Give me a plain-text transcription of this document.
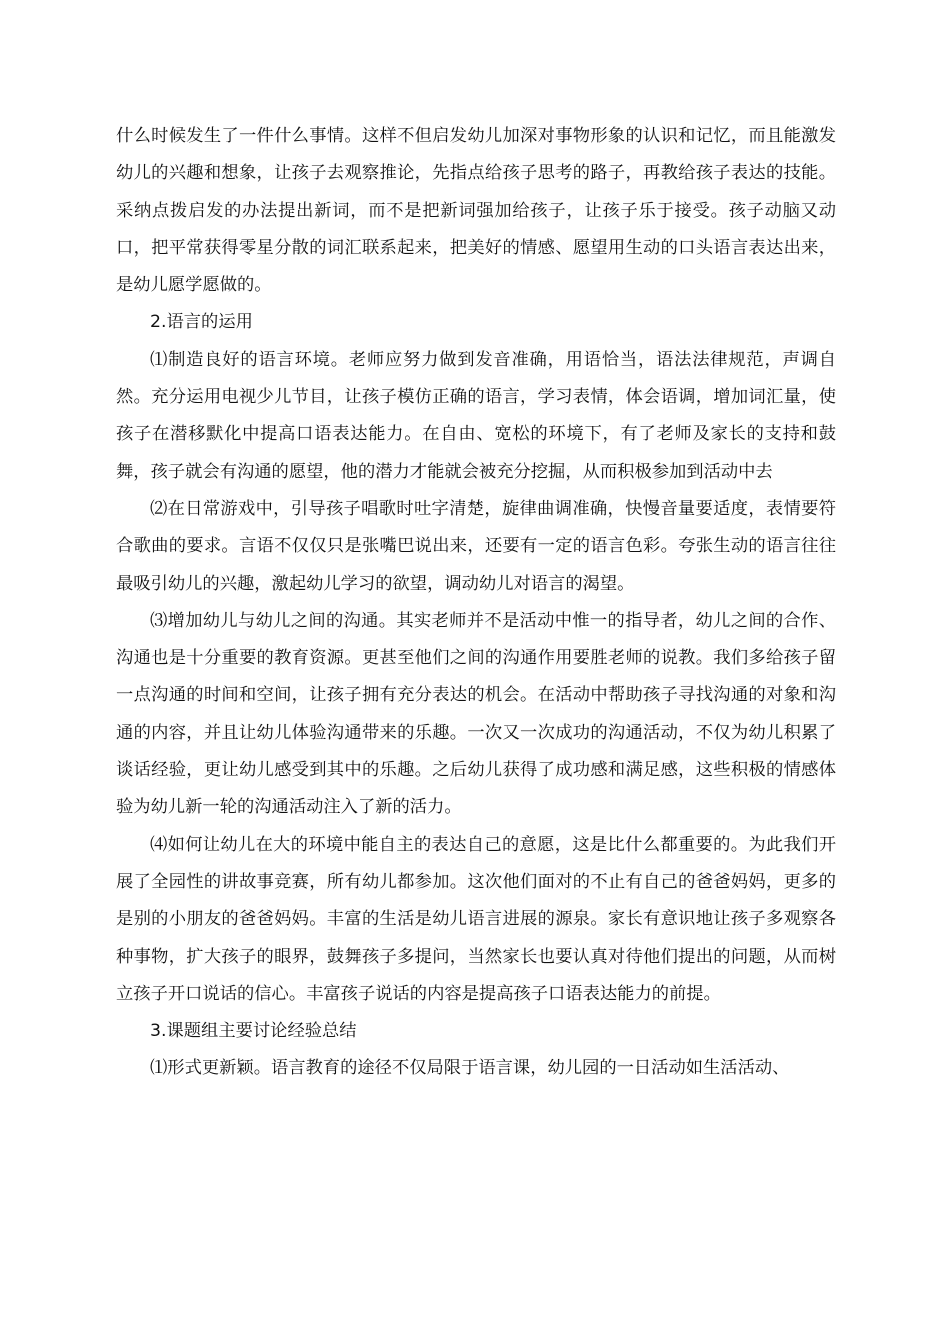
什么时候发生了一件什么事情。这样不但启发幼儿加深对事物形象的认识和记忆，而且能激发幼儿的兴趣和想象，让孩子去观察推论，先指点给孩子思考的路子，再教给孩子表达的技能。采纳点拨启发的办法提出新词，而不是把新词强加给孩子，让孩子乐于接受。孩子动脑又动口，把平常获得零星分散的词汇联系起来，把美好的情感、愿望用生动的口头语言表达出来，是幼儿愿学愿做的。

2.语言的运用

⑴制造良好的语言环境。老师应努力做到发音准确，用语恰当，语法法律规范，声调自然。充分运用电视少儿节目，让孩子模仿正确的语言，学习表情，体会语调，增加词汇量，使孩子在潜移默化中提高口语表达能力。在自由、宽松的环境下，有了老师及家长的支持和鼓舞，孩子就会有沟通的愿望，他的潜力才能就会被充分挖掘，从而积极参加到活动中去

⑵在日常游戏中，引导孩子唱歌时吐字清楚，旋律曲调准确，快慢音量要适度，表情要符合歌曲的要求。言语不仅仅只是张嘴巴说出来，还要有一定的语言色彩。夸张生动的语言往往最吸引幼儿的兴趣，激起幼儿学习的欲望，调动幼儿对语言的渴望。

⑶增加幼儿与幼儿之间的沟通。其实老师并不是活动中惟一的指导者，幼儿之间的合作、沟通也是十分重要的教育资源。更甚至他们之间的沟通作用要胜老师的说教。我们多给孩子留一点沟通的时间和空间，让孩子拥有充分表达的机会。在活动中帮助孩子寻找沟通的对象和沟通的内容，并且让幼儿体验沟通带来的乐趣。一次又一次成功的沟通活动，不仅为幼儿积累了谈话经验，更让幼儿感受到其中的乐趣。之后幼儿获得了成功感和满足感，这些积极的情感体验为幼儿新一轮的沟通活动注入了新的活力。

⑷如何让幼儿在大的环境中能自主的表达自己的意愿，这是比什么都重要的。为此我们开展了全园性的讲故事竞赛，所有幼儿都参加。这次他们面对的不止有自己的爸爸妈妈，更多的是别的小朋友的爸爸妈妈。丰富的生活是幼儿语言进展的源泉。家长有意识地让孩子多观察各种事物，扩大孩子的眼界，鼓舞孩子多提问，当然家长也要认真对待他们提出的问题，从而树立孩子开口说话的信心。丰富孩子说话的内容是提高孩子口语表达能力的前提。

3.课题组主要讨论经验总结

⑴形式更新颖。语言教育的途径不仅局限于语言课，幼儿园的一日活动如生活活动、
